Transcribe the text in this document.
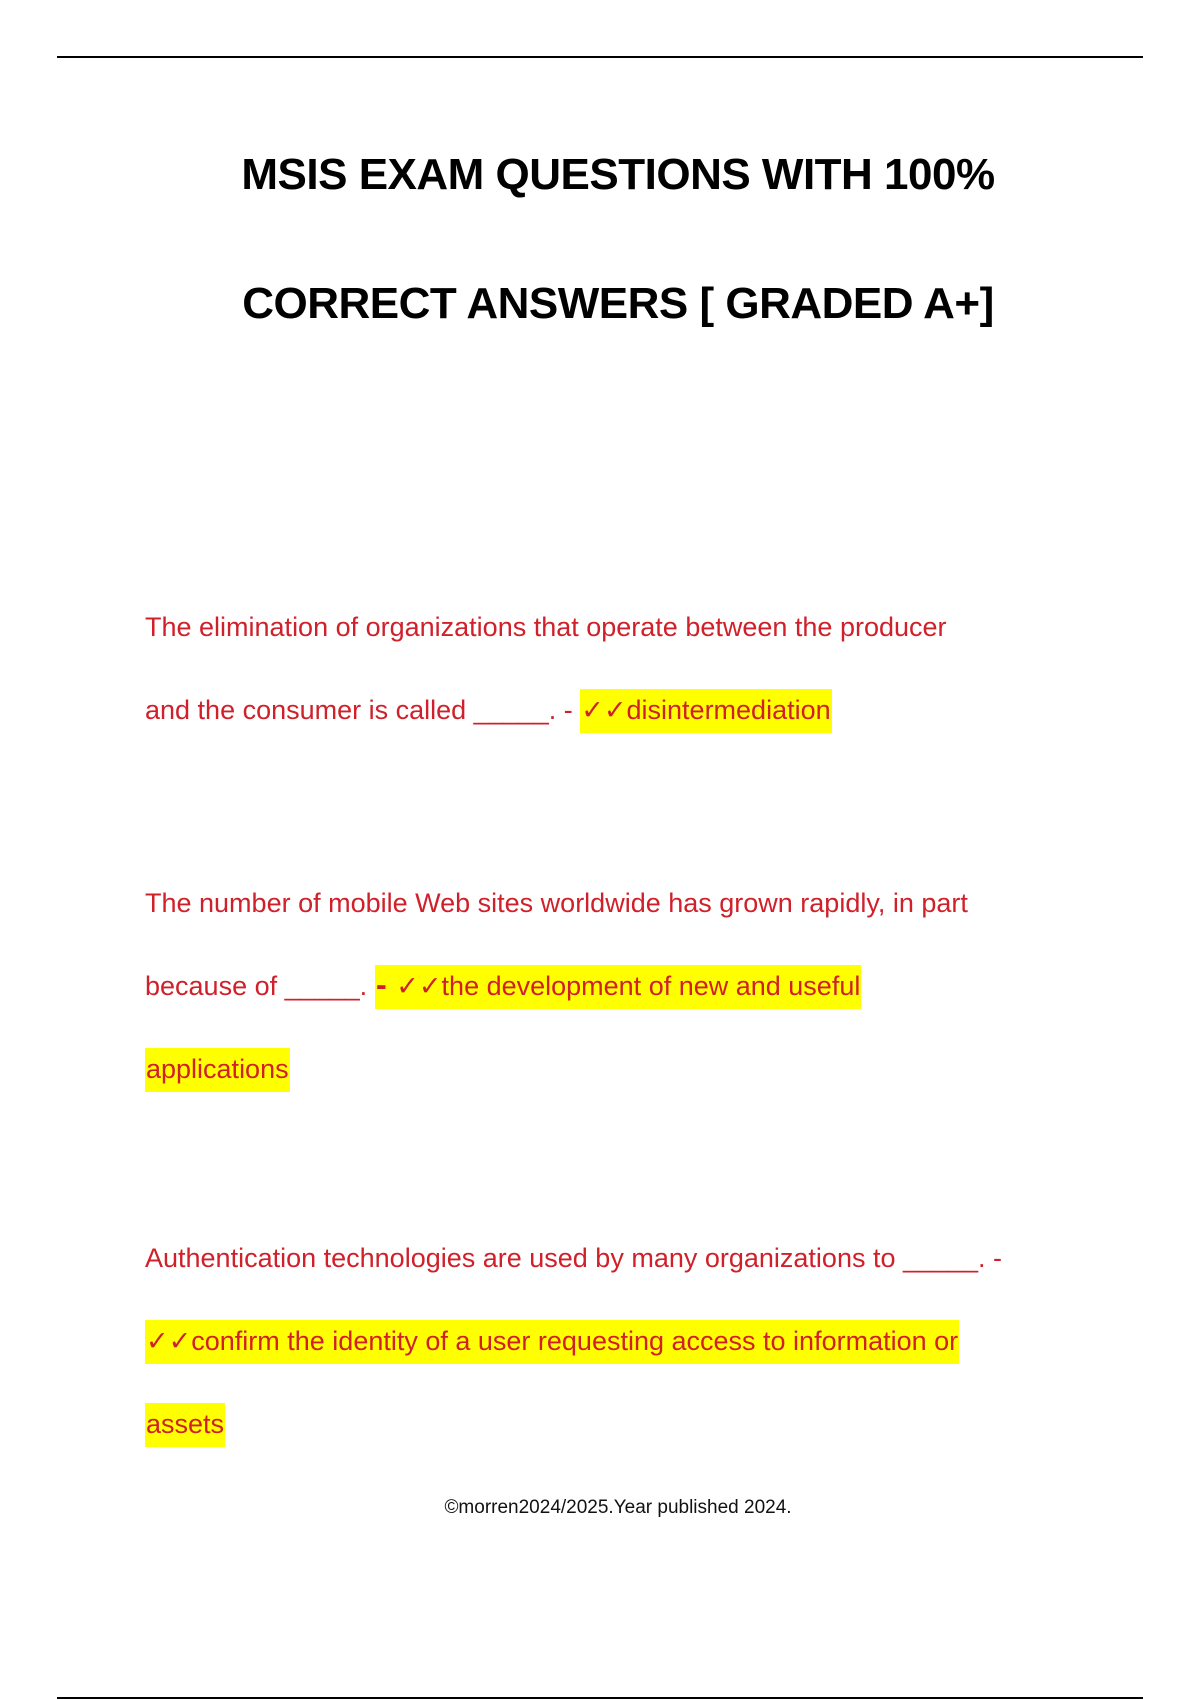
MSIS EXAM QUESTIONS WITH 100%
CORRECT ANSWERS [ GRADED A+]
The elimination of organizations that operate between the producer
and the consumer is called _____. - ✓✓disintermediation
The number of mobile Web sites worldwide has grown rapidly, in part
because of _____. - ✓✓the development of new and useful
applications
Authentication technologies are used by many organizations to _____. -
✓✓confirm the identity of a user requesting access to information or
assets
©morren2024/2025.Year published 2024.
